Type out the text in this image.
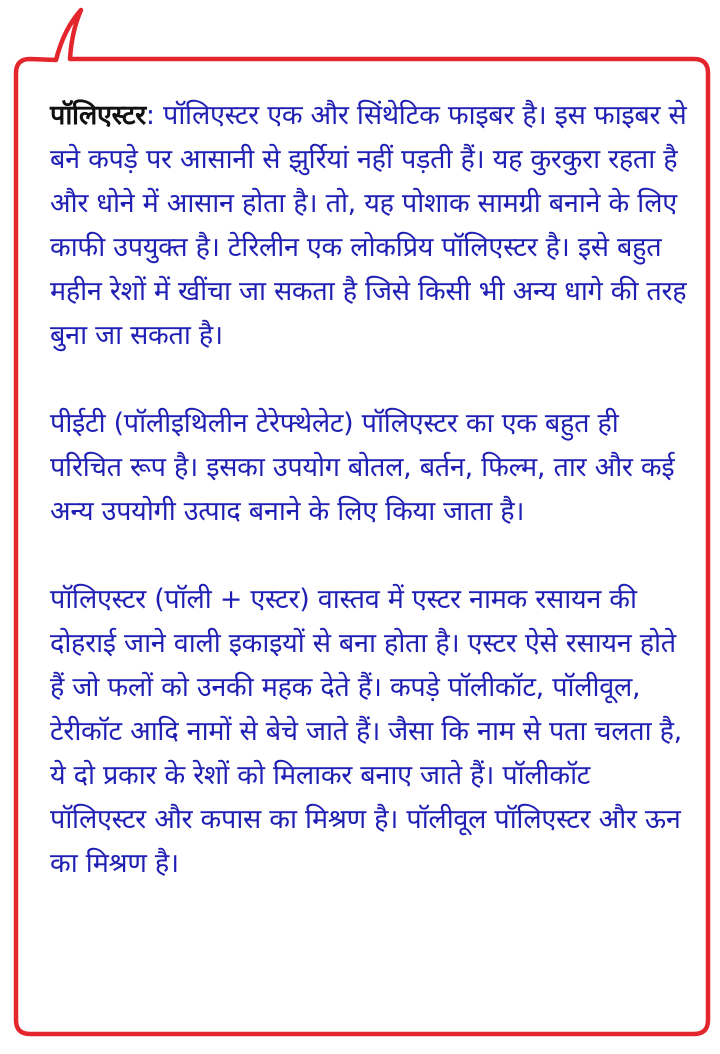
पॉलिएस्टर: पॉलिएस्टर एक और सिंथेटिक फाइबर है। इस फाइबर से बने कपड़े पर आसानी से झुर्रियां नहीं पड़ती हैं। यह कुरकुरा रहता है और धोने में आसान होता है। तो, यह पोशाक सामग्री बनाने के लिए काफी उपयुक्त है। टेरिलीन एक लोकप्रिय पॉलिएस्टर है। इसे बहुत महीन रेशों में खींचा जा सकता है जिसे किसी भी अन्य धागे की तरह बुना जा सकता है।

पीईटी (पॉलीइथिलीन टेरेफ्थेलेट) पॉलिएस्टर का एक बहुत ही परिचित रूप है। इसका उपयोग बोतल, बर्तन, फिल्म, तार और कई अन्य उपयोगी उत्पाद बनाने के लिए किया जाता है।

पॉलिएस्टर (पॉली + एस्टर) वास्तव में एस्टर नामक रसायन की दोहराई जाने वाली इकाइयों से बना होता है। एस्टर ऐसे रसायन होते हैं जो फलों को उनकी महक देते हैं। कपड़े पॉलीकॉट, पॉलीवूल, टेरीकॉट आदि नामों से बेचे जाते हैं। जैसा कि नाम से पता चलता है, ये दो प्रकार के रेशों को मिलाकर बनाए जाते हैं। पॉलीकॉट पॉलिएस्टर और कपास का मिश्रण है। पॉलीवूल पॉलिएस्टर और ऊन का मिश्रण है।
